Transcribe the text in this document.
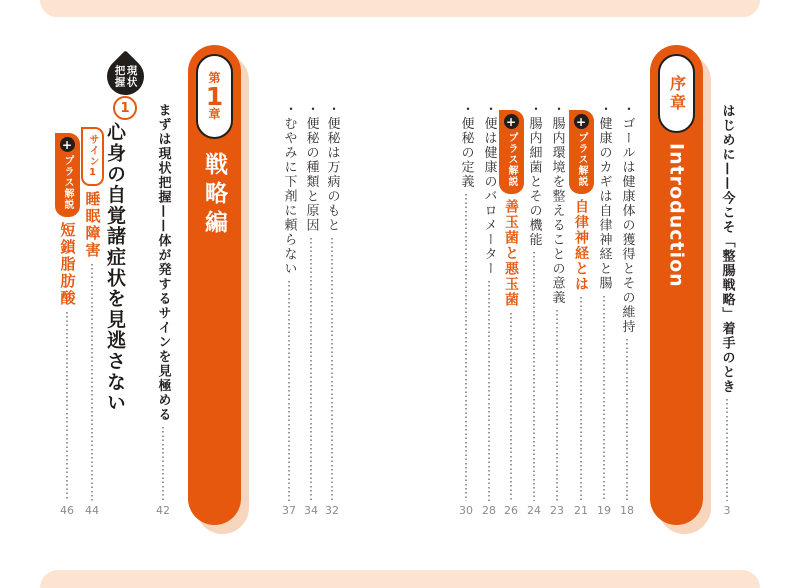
はじめに——今こそ「整腸戦略」着手のとき
3
序章
Introduction
・ゴールは健康体の獲得とその維持
18
・健康のカギは自律神経と腸
19
+
プラス解説
自律神経とは
21
・腸内環境を整えることの意義
23
・腸内細菌とその機能
24
+
プラス解説
善玉菌と悪玉菌
26
・便は健康のバロメーター
28
・便秘の定義
30
・便秘は万病のもと
32
・便秘の種類と原因
34
・むやみに下剤に頼らない
37
第
1
章
戦略編
まずは現状把握——体が発するサインを見極める
42
現状把握
1
心身の自覚諸症状を見逃さない
サイン1
睡眠障害
44
+
プラス解説
短鎖脂肪酸
46
